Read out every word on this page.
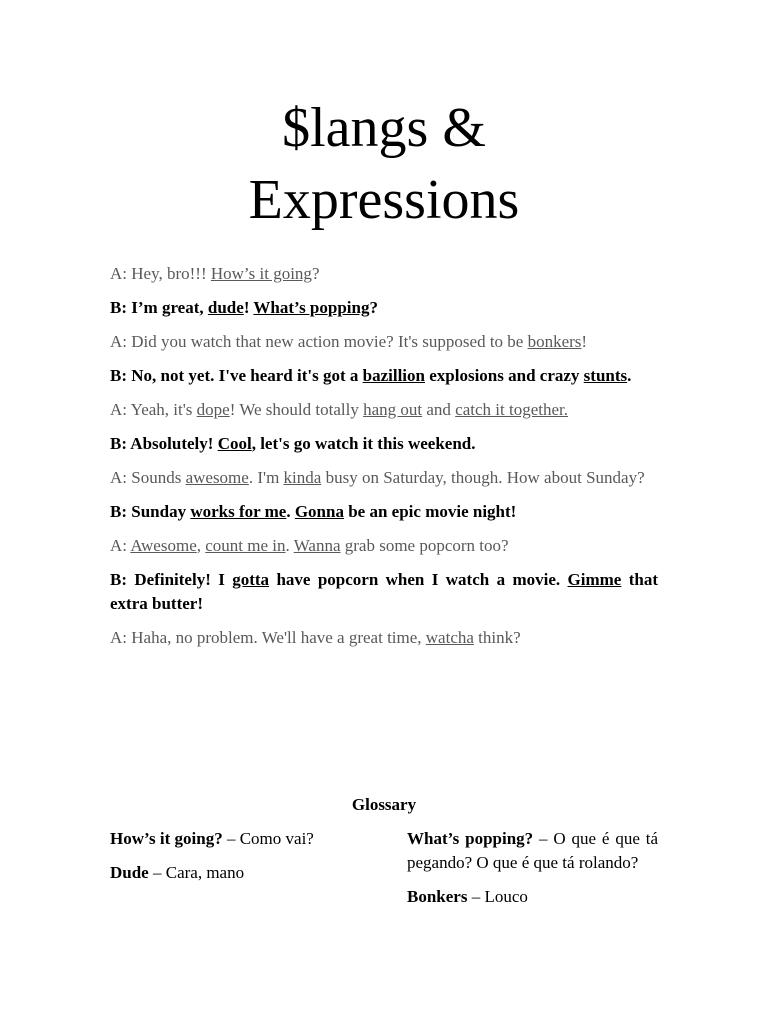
$langs &
Expressions

A: Hey, bro!!! How’s it going?

B: I’m great, dude! What’s popping?

A: Did you watch that new action movie? It's supposed to be bonkers!

B: No, not yet. I've heard it's got a bazillion explosions and crazy stunts.

A: Yeah, it's dope! We should totally hang out and catch it together.

B: Absolutely! Cool, let's go watch it this weekend.

A: Sounds awesome. I'm kinda busy on Saturday, though. How about Sunday?

B: Sunday works for me. Gonna be an epic movie night!

A: Awesome, count me in. Wanna grab some popcorn too?

B: Definitely! I gotta have popcorn when I watch a movie. Gimme that extra butter!

A: Haha, no problem. We'll have a great time, watcha think?

Glossary

How’s it going? – Como vai?

Dude – Cara, mano

What’s popping? – O que é que tá pegando? O que é que tá rolando?

Bonkers – Louco
